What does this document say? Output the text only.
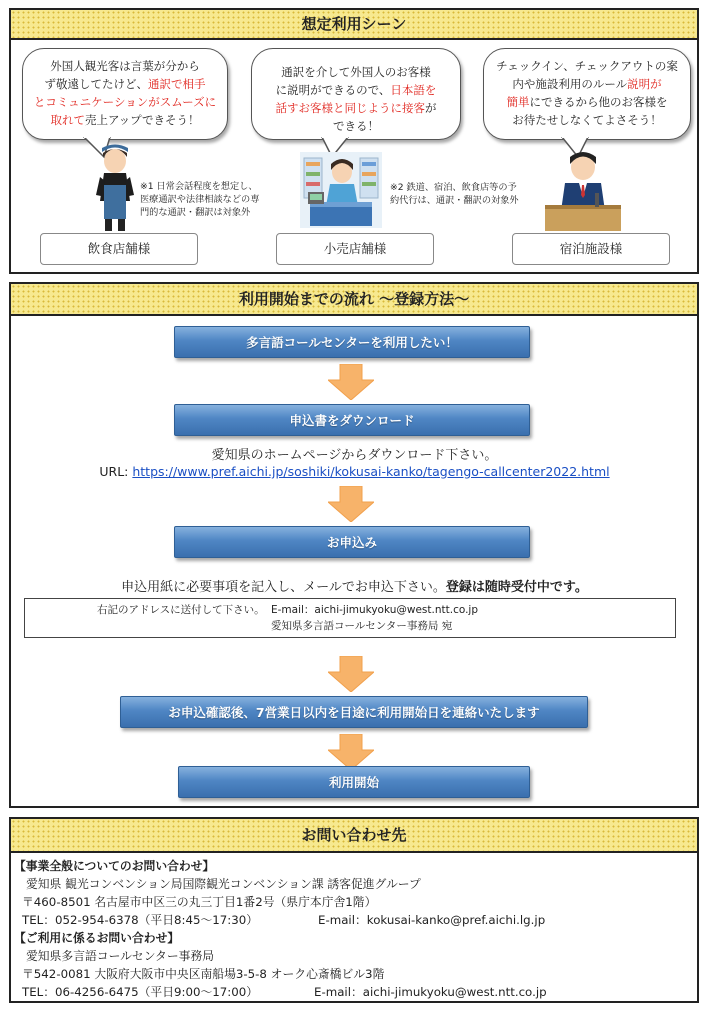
想定利用シーン
外国人観光客は言葉が分から
ず敬遠してたけど、通訳で相手
とコミュニケーションがスムーズに
取れて売上アップできそう！
通訳を介して外国人のお客様
に説明ができるので、日本語を
話すお客様と同じように接客が
できる！
チェックイン、チェックアウトの案
内や施設利用のルール説明が
簡単にできるから他のお客様を
お待たせしなくてよさそう！
※1 日常会話程度を想定し、
医療通訳や法律相談などの専
門的な通訳・翻訳は対象外
※2 鉄道、宿泊、飲食店等の予
約代行は、通訳・翻訳の対象外
飲食店舗様	小売店舗様	宿泊施設様
利用開始までの流れ ～登録方法～
多言語コールセンターを利用したい！
申込書をダウンロード
愛知県のホームページからダウンロード下さい。
URL: https://www.pref.aichi.jp/soshiki/kokusai-kanko/tagengo-callcenter2022.html
お申込み
申込用紙に必要事項を記入し、メールでお申込下さい。登録は随時受付中です。
右記のアドレスに送付して下さい。 E-mail：aichi-jimukyoku@west.ntt.co.jp
愛知県多言語コールセンター事務局 宛
お申込確認後、7営業日以内を目途に利用開始日を連絡いたします
利用開始
お問い合わせ先
【事業全般についてのお問い合わせ】
愛知県 観光コンベンション局国際観光コンベンション課 誘客促進グループ
〒460-8501 名古屋市中区三の丸三丁目1番2号（県庁本庁舎1階）
TEL：052-954-6378（平日8:45～17:30）	E-mail：kokusai-kanko@pref.aichi.lg.jp
【ご利用に係るお問い合わせ】
愛知県多言語コールセンター事務局
〒542-0081 大阪府大阪市中央区南船場3-5-8 オーク心斎橋ビル3階
TEL：06-4256-6475（平日9:00～17:00）	E-mail：aichi-jimukyoku@west.ntt.co.jp
